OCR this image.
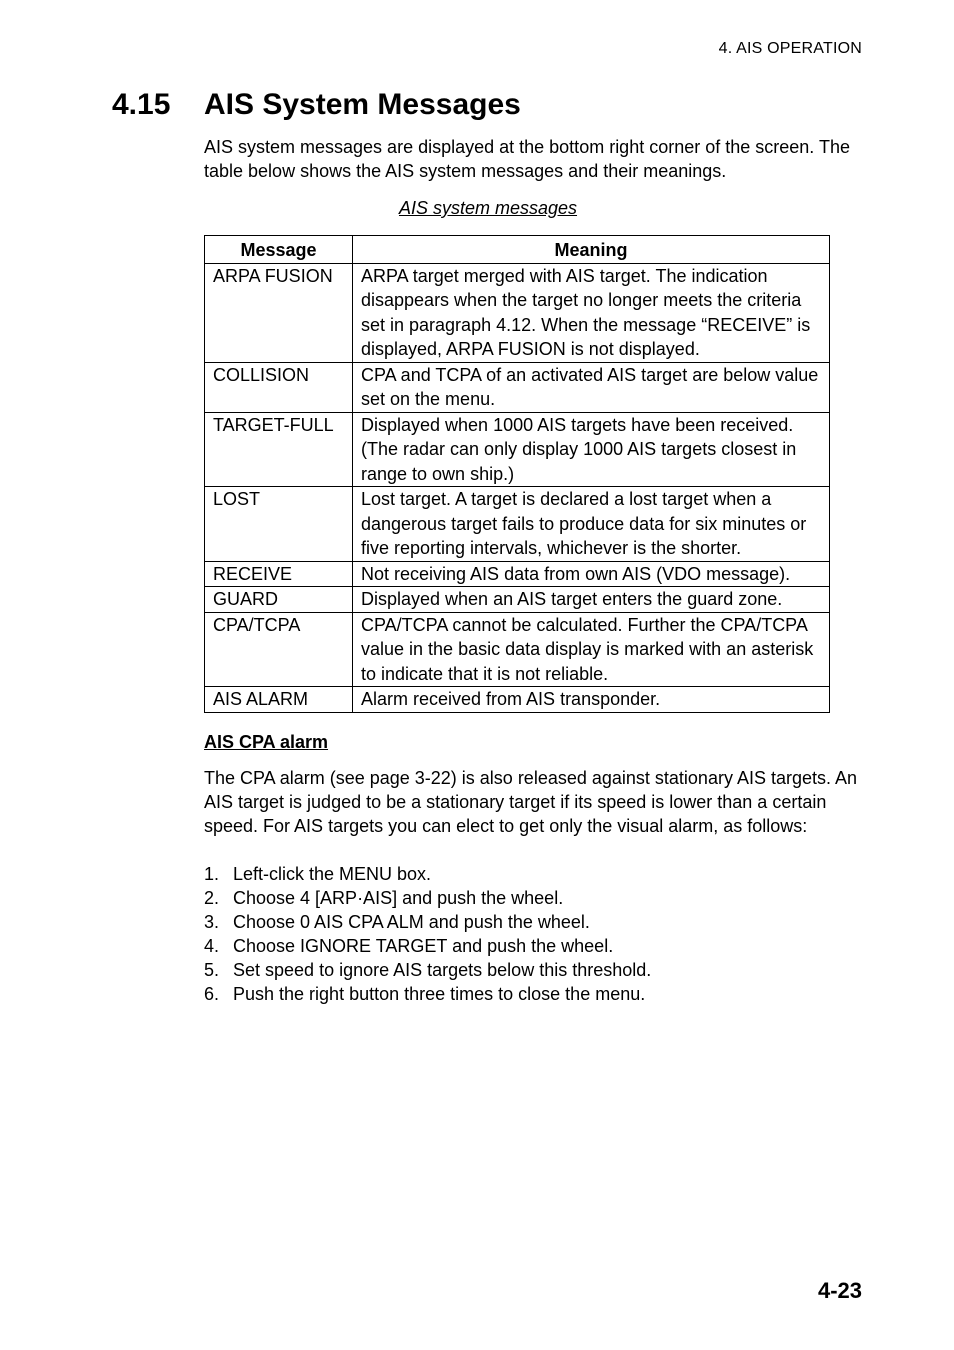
4. AIS OPERATION
4.15 AIS System Messages

AIS system messages are displayed at the bottom right corner of the screen. The table below shows the AIS system messages and their meanings.

AIS system messages
Message	Meaning
ARPA FUSION	ARPA target merged with AIS target. The indication disappears when the target no longer meets the criteria set in paragraph 4.12. When the message “RECEIVE” is displayed, ARPA FUSION is not displayed.
COLLISION	CPA and TCPA of an activated AIS target are below value set on the menu.
TARGET-FULL	Displayed when 1000 AIS targets have been received. (The radar can only display 1000 AIS targets closest in range to own ship.)
LOST	Lost target. A target is declared a lost target when a dangerous target fails to produce data for six minutes or five reporting intervals, whichever is the shorter.
RECEIVE	Not receiving AIS data from own AIS (VDO message).
GUARD	Displayed when an AIS target enters the guard zone.
CPA/TCPA	CPA/TCPA cannot be calculated. Further the CPA/TCPA value in the basic data display is marked with an asterisk to indicate that it is not reliable.
AIS ALARM	Alarm received from AIS transponder.
AIS CPA alarm

The CPA alarm (see page 3-22) is also released against stationary AIS targets. An AIS target is judged to be a stationary target if its speed is lower than a certain speed. For AIS targets you can elect to get only the visual alarm, as follows:

1. Left-click the MENU box.
2. Choose 4 [ARP·AIS] and push the wheel.
3. Choose 0 AIS CPA ALM and push the wheel.
4. Choose IGNORE TARGET and push the wheel.
5. Set speed to ignore AIS targets below this threshold.
6. Push the right button three times to close the menu.
4-23
